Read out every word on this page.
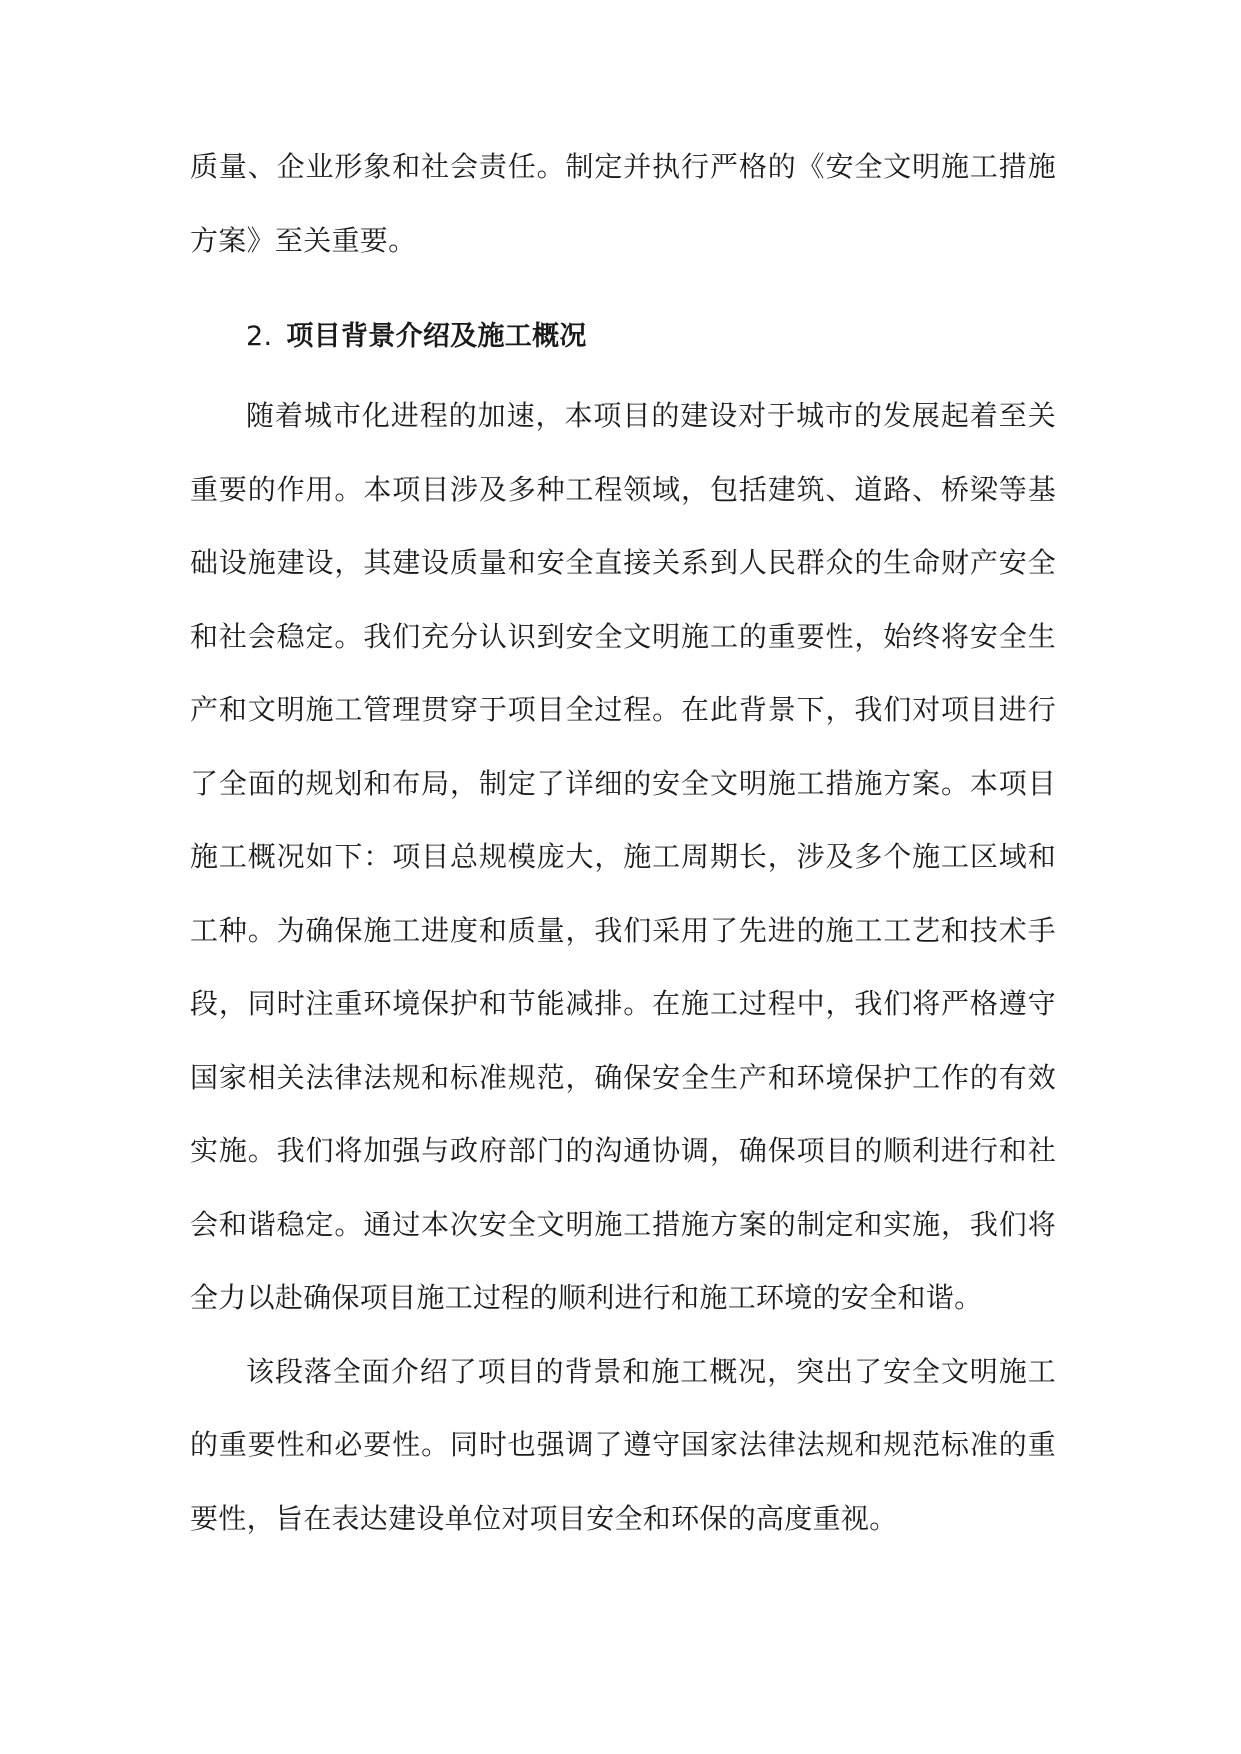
质量、企业形象和社会责任。制定并执行严格的《安全文明施工措施方案》至关重要。

2. 项目背景介绍及施工概况

随着城市化进程的加速，本项目的建设对于城市的发展起着至关重要的作用。本项目涉及多种工程领域，包括建筑、道路、桥梁等基础设施建设，其建设质量和安全直接关系到人民群众的生命财产安全和社会稳定。我们充分认识到安全文明施工的重要性，始终将安全生产和文明施工管理贯穿于项目全过程。在此背景下，我们对项目进行了全面的规划和布局，制定了详细的安全文明施工措施方案。本项目施工概况如下：项目总规模庞大，施工周期长，涉及多个施工区域和工种。为确保施工进度和质量，我们采用了先进的施工工艺和技术手段，同时注重环境保护和节能减排。在施工过程中，我们将严格遵守国家相关法律法规和标准规范，确保安全生产和环境保护工作的有效实施。我们将加强与政府部门的沟通协调，确保项目的顺利进行和社会和谐稳定。通过本次安全文明施工措施方案的制定和实施，我们将全力以赴确保项目施工过程的顺利进行和施工环境的安全和谐。

该段落全面介绍了项目的背景和施工概况，突出了安全文明施工的重要性和必要性。同时也强调了遵守国家法律法规和规范标准的重要性，旨在表达建设单位对项目安全和环保的高度重视。
